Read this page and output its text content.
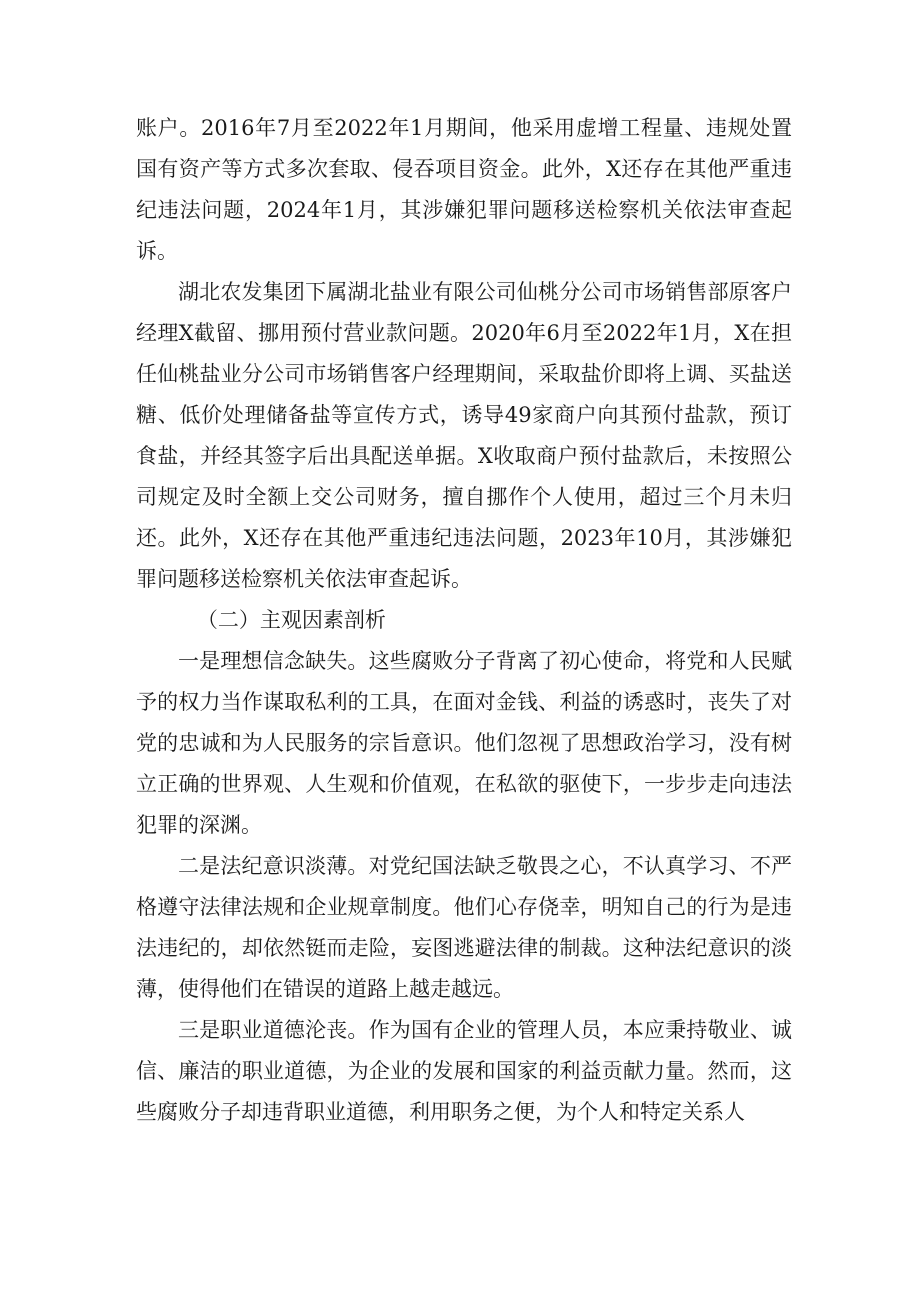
账户。2016年7月至2022年1月期间，他采用虚增工程量、违规处置国有资产等方式多次套取、侵吞项目资金。此外，X还存在其他严重违纪违法问题，2024年1月，其涉嫌犯罪问题移送检察机关依法审查起诉。

湖北农发集团下属湖北盐业有限公司仙桃分公司市场销售部原客户经理X截留、挪用预付营业款问题。2020年6月至2022年1月，X在担任仙桃盐业分公司市场销售客户经理期间，采取盐价即将上调、买盐送糖、低价处理储备盐等宣传方式，诱导49家商户向其预付盐款，预订食盐，并经其签字后出具配送单据。X收取商户预付盐款后，未按照公司规定及时全额上交公司财务，擅自挪作个人使用，超过三个月未归还。此外，X还存在其他严重违纪违法问题，2023年10月，其涉嫌犯罪问题移送检察机关依法审查起诉。

（二）主观因素剖析

一是理想信念缺失。这些腐败分子背离了初心使命，将党和人民赋予的权力当作谋取私利的工具，在面对金钱、利益的诱惑时，丧失了对党的忠诚和为人民服务的宗旨意识。他们忽视了思想政治学习，没有树立正确的世界观、人生观和价值观，在私欲的驱使下，一步步走向违法犯罪的深渊。

二是法纪意识淡薄。对党纪国法缺乏敬畏之心，不认真学习、不严格遵守法律法规和企业规章制度。他们心存侥幸，明知自己的行为是违法违纪的，却依然铤而走险，妄图逃避法律的制裁。这种法纪意识的淡薄，使得他们在错误的道路上越走越远。

三是职业道德沦丧。作为国有企业的管理人员，本应秉持敬业、诚信、廉洁的职业道德，为企业的发展和国家的利益贡献力量。然而，这些腐败分子却违背职业道德，利用职务之便，为个人和特定关系人
